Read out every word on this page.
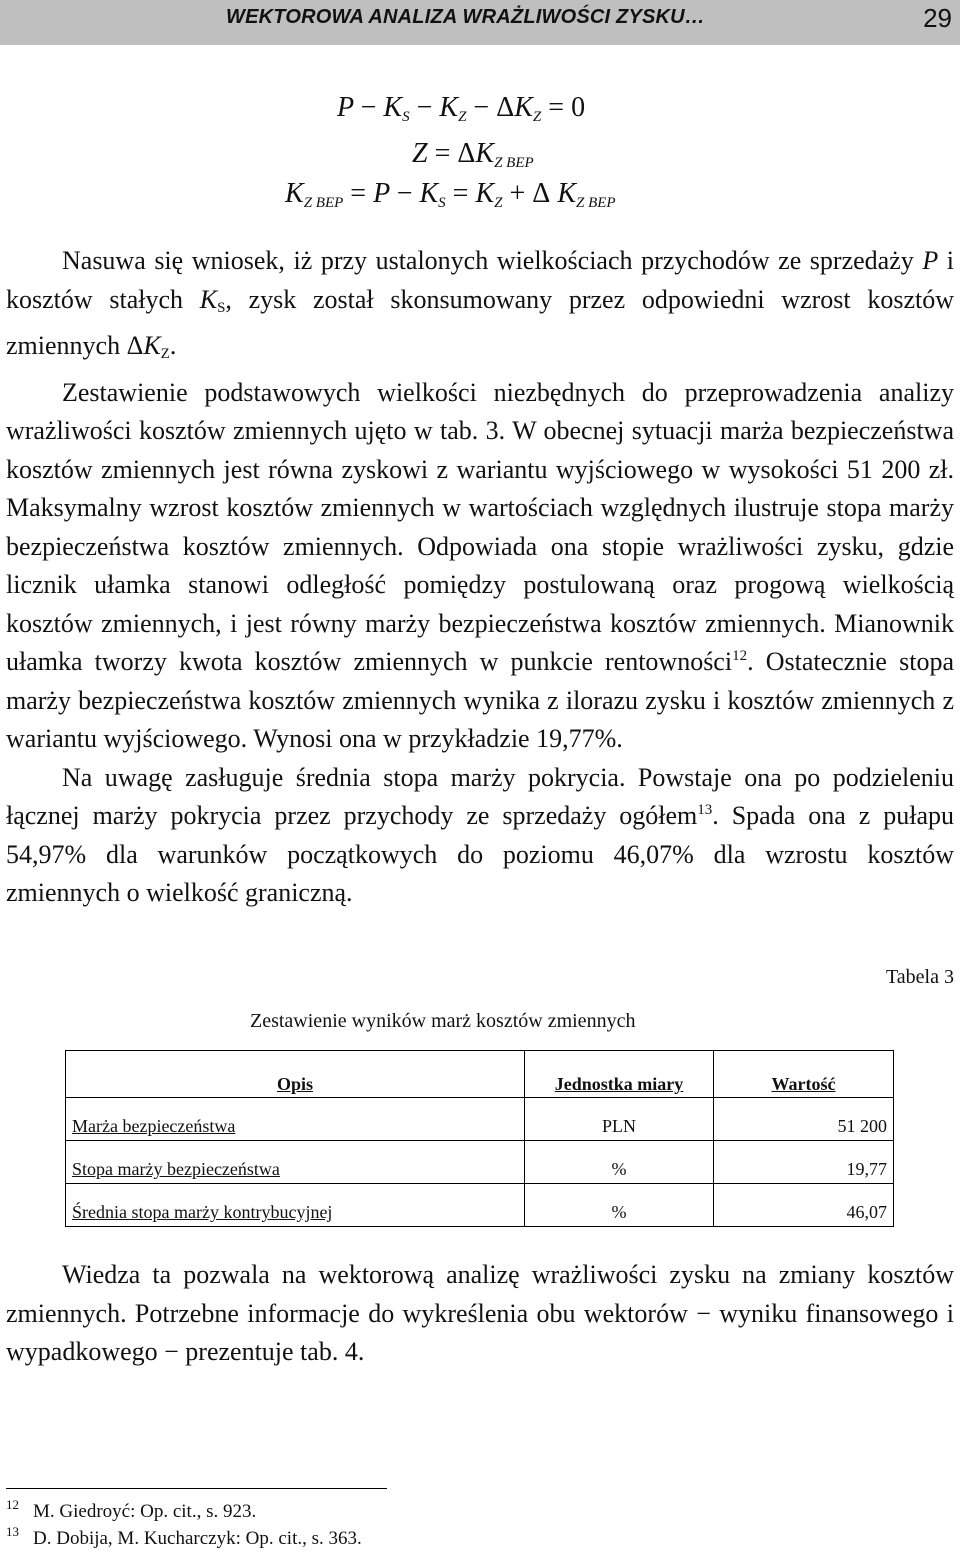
WEKTOROWA ANALIZA WRAŻLIWOŚCI ZYSKU…	29
$P - K_S - K_Z - \Delta K_Z = 0$
$Z = \Delta K_{Z BEP}$
$K_{Z BEP} = P - K_S = K_Z + \Delta$ $K_{Z BEP}$

Nasuwa się wniosek, iż przy ustalonych wielkościach przychodów ze sprzedaży P i kosztów stałych $K_S$, zysk został skonsumowany przez odpowiedni wzrost kosztów zmiennych $\Delta K_Z$.

Zestawienie podstawowych wielkości niezbędnych do przeprowadzenia analizy wrażliwości kosztów zmiennych ujęto w tab. 3. W obecnej sytuacji marża bezpieczeństwa kosztów zmiennych jest równa zyskowi z wariantu wyjściowego w wysokości 51 200 zł. Maksymalny wzrost kosztów zmiennych w wartościach względnych ilustruje stopa marży bezpieczeństwa kosztów zmiennych. Odpowiada ona stopie wrażliwości zysku, gdzie licznik ułamka stanowi odległość pomiędzy postulowaną oraz progową wielkością kosztów zmiennych, i jest równy marży bezpieczeństwa kosztów zmiennych. Mianownik ułamka tworzy kwota kosztów zmiennych w punkcie rentowności$^{12}$. Ostatecznie stopa marży bezpieczeństwa kosztów zmiennych wynika z ilorazu zysku i kosztów zmiennych z wariantu wyjściowego. Wynosi ona w przykładzie 19,77%.

Na uwagę zasługuje średnia stopa marży pokrycia. Powstaje ona po podzieleniu łącznej marży pokrycia przez przychody ze sprzedaży ogółem$^{13}$. Spada ona z pułapu 54,97% dla warunków początkowych do poziomu 46,07% dla wzrostu kosztów zmiennych o wielkość graniczną.

Tabela 3
Zestawienie wyników marż kosztów zmiennych
Opis	Jednostka miary	Wartość
Marża bezpieczeństwa	PLN	51 200
Stopa marży bezpieczeństwa	%	19,77
Średnia stopa marży kontrybucyjnej	%	46,07

Wiedza ta pozwala na wektorową analizę wrażliwości zysku na zmiany kosztów zmiennych. Potrzebne informacje do wykreślenia obu wektorów − wyniku finansowego i wypadkowego − prezentuje tab. 4.

$^{12}$ M. Giedroyć: Op. cit., s. 923.
$^{13}$ D. Dobija, M. Kucharczyk: Op. cit., s. 363.
